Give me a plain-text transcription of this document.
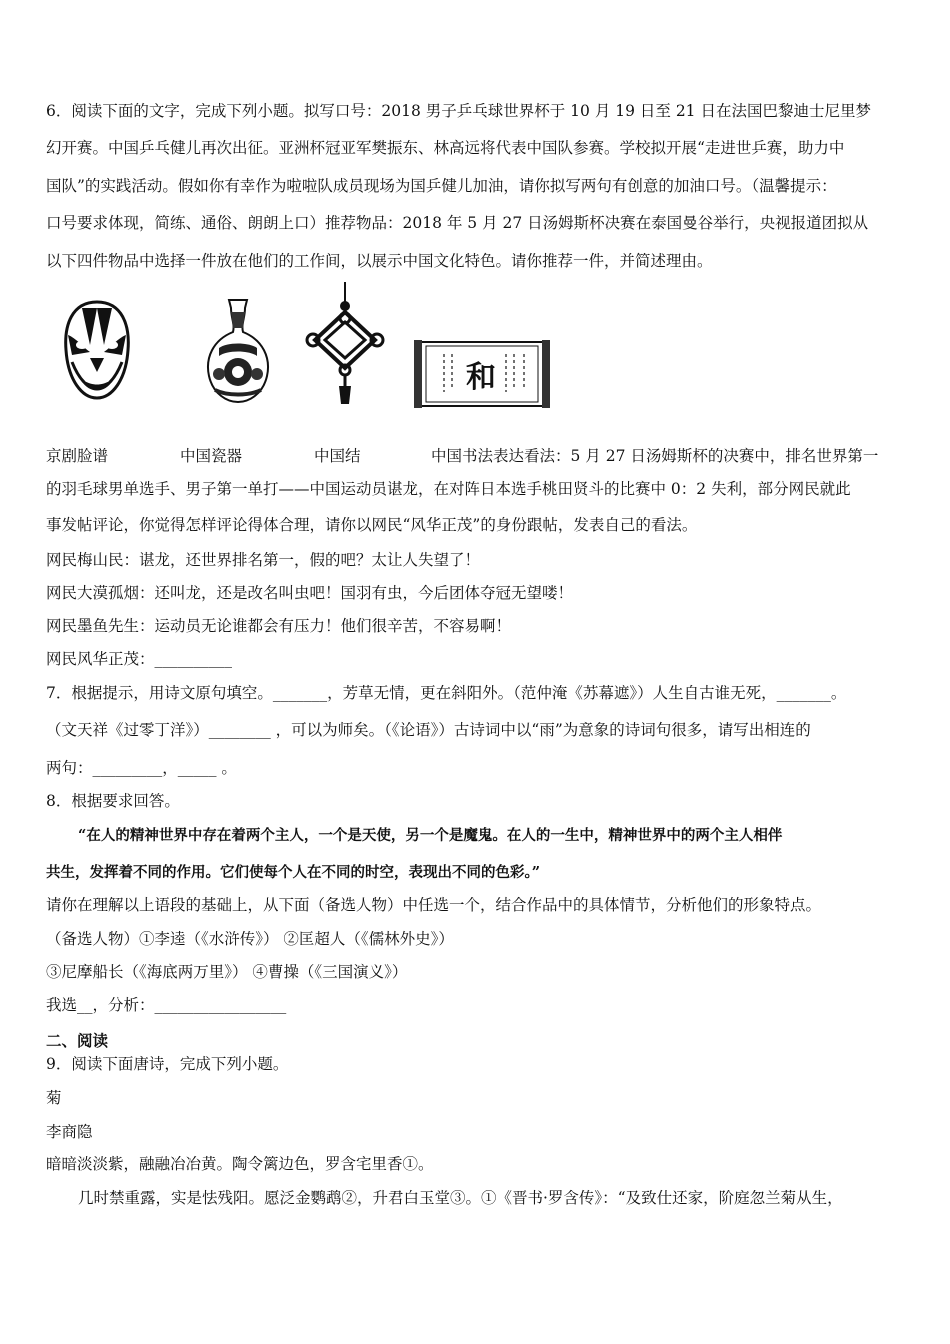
6．阅读下面的文字，完成下列小题。拟写口号：2018 男子乒乓球世界杯于 10 月 19 日至 21 日在法国巴黎迪士尼里梦
幻开赛。中国乒乓健儿再次出征。亚洲杯冠亚军樊振东、林高远将代表中国队参赛。学校拟开展“走进世乒赛，助力中
国队”的实践活动。假如你有幸作为啦啦队成员现场为国乒健儿加油，请你拟写两句有创意的加油口号。（温馨提示：
口号要求体现，简练、通俗、朗朗上口）推荐物品：2018 年 5 月 27 日汤姆斯杯决赛在泰国曼谷举行，央视报道团拟从
以下四件物品中选择一件放在他们的工作间，以展示中国文化特色。请你推荐一件，并简述理由。
和
京剧脸谱	中国瓷器	中国结	中国书法表达看法：5 月 27 日汤姆斯杯的决赛中，排名世界第一
的羽毛球男单选手、男子第一单打——中国运动员谌龙，在对阵日本选手桃田贤斗的比赛中 0：2 失利，部分网民就此
事发帖评论，你觉得怎样评论得体合理，请你以网民“风华正茂”的身份跟帖，发表自己的看法。
网民梅山民：谌龙，还世界排名第一，假的吧？太让人失望了！
网民大漠孤烟：还叫龙，还是改名叫虫吧！国羽有虫，今后团体夺冠无望喽！
网民墨鱼先生：运动员无论谁都会有压力！他们很辛苦，不容易啊！
网民风华正茂：__________
7．根据提示，用诗文原句填空。_______，芳草无情，更在斜阳外。（范仲淹《苏幕遮》）人生自古谁无死，_______。
（文天祥《过零丁洋》）________ ，可以为师矣。（《论语》）古诗词中以“雨”为意象的诗词句很多，请写出相连的
两句：_________，_____ 。
8．根据要求回答。
“在人的精神世界中存在着两个主人，一个是天使，另一个是魔鬼。在人的一生中，精神世界中的两个主人相伴
共生，发挥着不同的作用。它们使每个人在不同的时空，表现出不同的色彩。”
请你在理解以上语段的基础上，从下面（备选人物）中任选一个，结合作品中的具体情节，分析他们的形象特点。
（备选人物）①李逵（《水浒传》） ②匡超人（《儒林外史》）
③尼摩船长（《海底两万里》） ④曹操（《三国演义》）
我选__，分析：_________________
二、阅读
9．阅读下面唐诗，完成下列小题。
菊
李商隐
暗暗淡淡紫，融融冶冶黄。陶令篱边色，罗含宅里香①。
几时禁重露，实是怯残阳。愿泛金鹦鹉②，升君白玉堂③。①《晋书·罗含传》：“及致仕还家，阶庭忽兰菊从生，
